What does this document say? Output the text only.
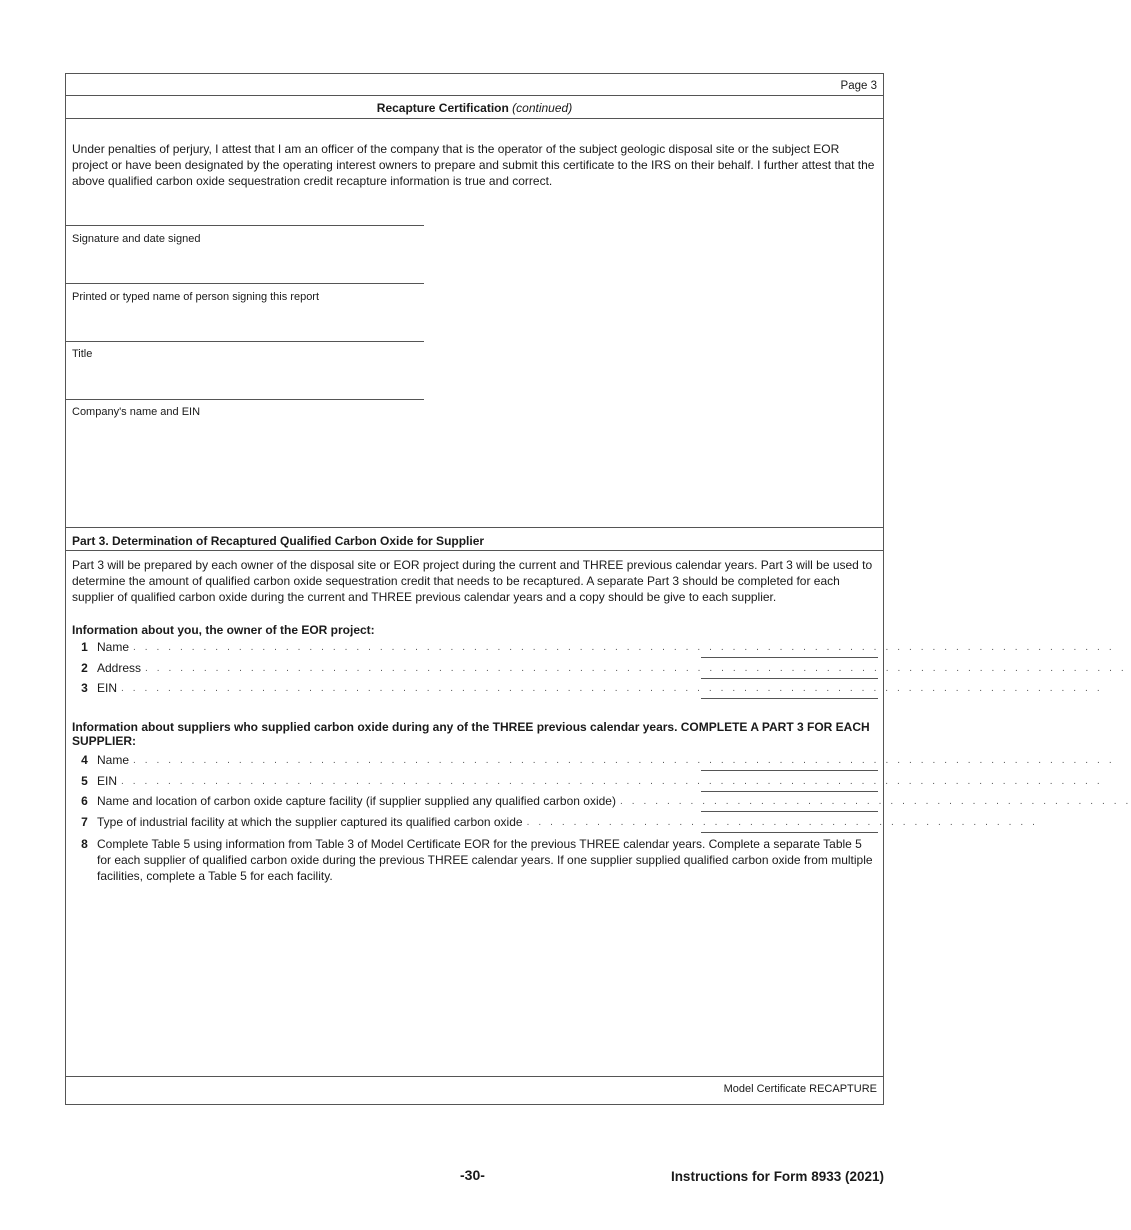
Page 3
Recapture Certification (continued)
Under penalties of perjury, I attest that I am an officer of the company that is the operator of the subject geologic disposal site or the subject EOR project or have been designated by the operating interest owners to prepare and submit this certificate to the IRS on their behalf. I further attest that the above qualified carbon oxide sequestration credit recapture information is true and correct.
Signature and date signed
Printed or typed name of person signing this report
Title
Company's name and EIN
Part 3. Determination of Recaptured Qualified Carbon Oxide for Supplier
Part 3 will be prepared by each owner of the disposal site or EOR project during the current and THREE previous calendar years. Part 3 will be used to determine the amount of qualified carbon oxide sequestration credit that needs to be recaptured. A separate Part 3 should be completed for each supplier of qualified carbon oxide during the current and THREE previous calendar years and a copy should be give to each supplier.
Information about you, the owner of the EOR project:
1 Name . . . . . . . . . . . . . . . . . . . . . . . . . . . . . . . . . . . . . . . . . . . . . . . . . . . . . . . . . . . . . . . . . . . . . . . . . . . . . . . . . . . .
2 Address . . . . . . . . . . . . . . . . . . . . . . . . . . . . . . . . . . . . . . . . . . . . . . . . . . . . . . . . . . . . . . . . . . . . . . . . . . . . . . . . . . . .
3 EIN . . . . . . . . . . . . . . . . . . . . . . . . . . . . . . . . . . . . . . . . . . . . . . . . . . . . . . . . . . . . . . . . . . . . . . . . . . . . . . . . . . . .
Information about suppliers who supplied carbon oxide during any of the THREE previous calendar years. COMPLETE A PART 3 FOR EACH SUPPLIER:
4 Name . . . . . . . . . . . . . . . . . . . . . . . . . . . . . . . . . . . . . . . . . . . . . . . . . . . . . . . . . . . . . . . . . . . . . . . . . . . . . . . . . . . .
5 EIN . . . . . . . . . . . . . . . . . . . . . . . . . . . . . . . . . . . . . . . . . . . . . . . . . . . . . . . . . . . . . . . . . . . . . . . . . . . . . . . . . . . .
6 Name and location of carbon oxide capture facility (if supplier supplied any qualified carbon oxide) . . . . . . . . . . . . . . . . . . . . . . . . . . . . . . . . . . . . . . . . . . . .
7 Type of industrial facility at which the supplier captured its qualified carbon oxide . . . . . . . . . . . . . . . . . . . . . . . . . . . . . . . . . . . . . . . . . . . .
8 Complete Table 5 using information from Table 3 of Model Certificate EOR for the previous THREE calendar years. Complete a separate Table 5 for each supplier of qualified carbon oxide during the previous THREE calendar years. If one supplier supplied qualified carbon oxide from multiple facilities, complete a Table 5 for each facility.
Model Certificate RECAPTURE
-30-	Instructions for Form 8933 (2021)
